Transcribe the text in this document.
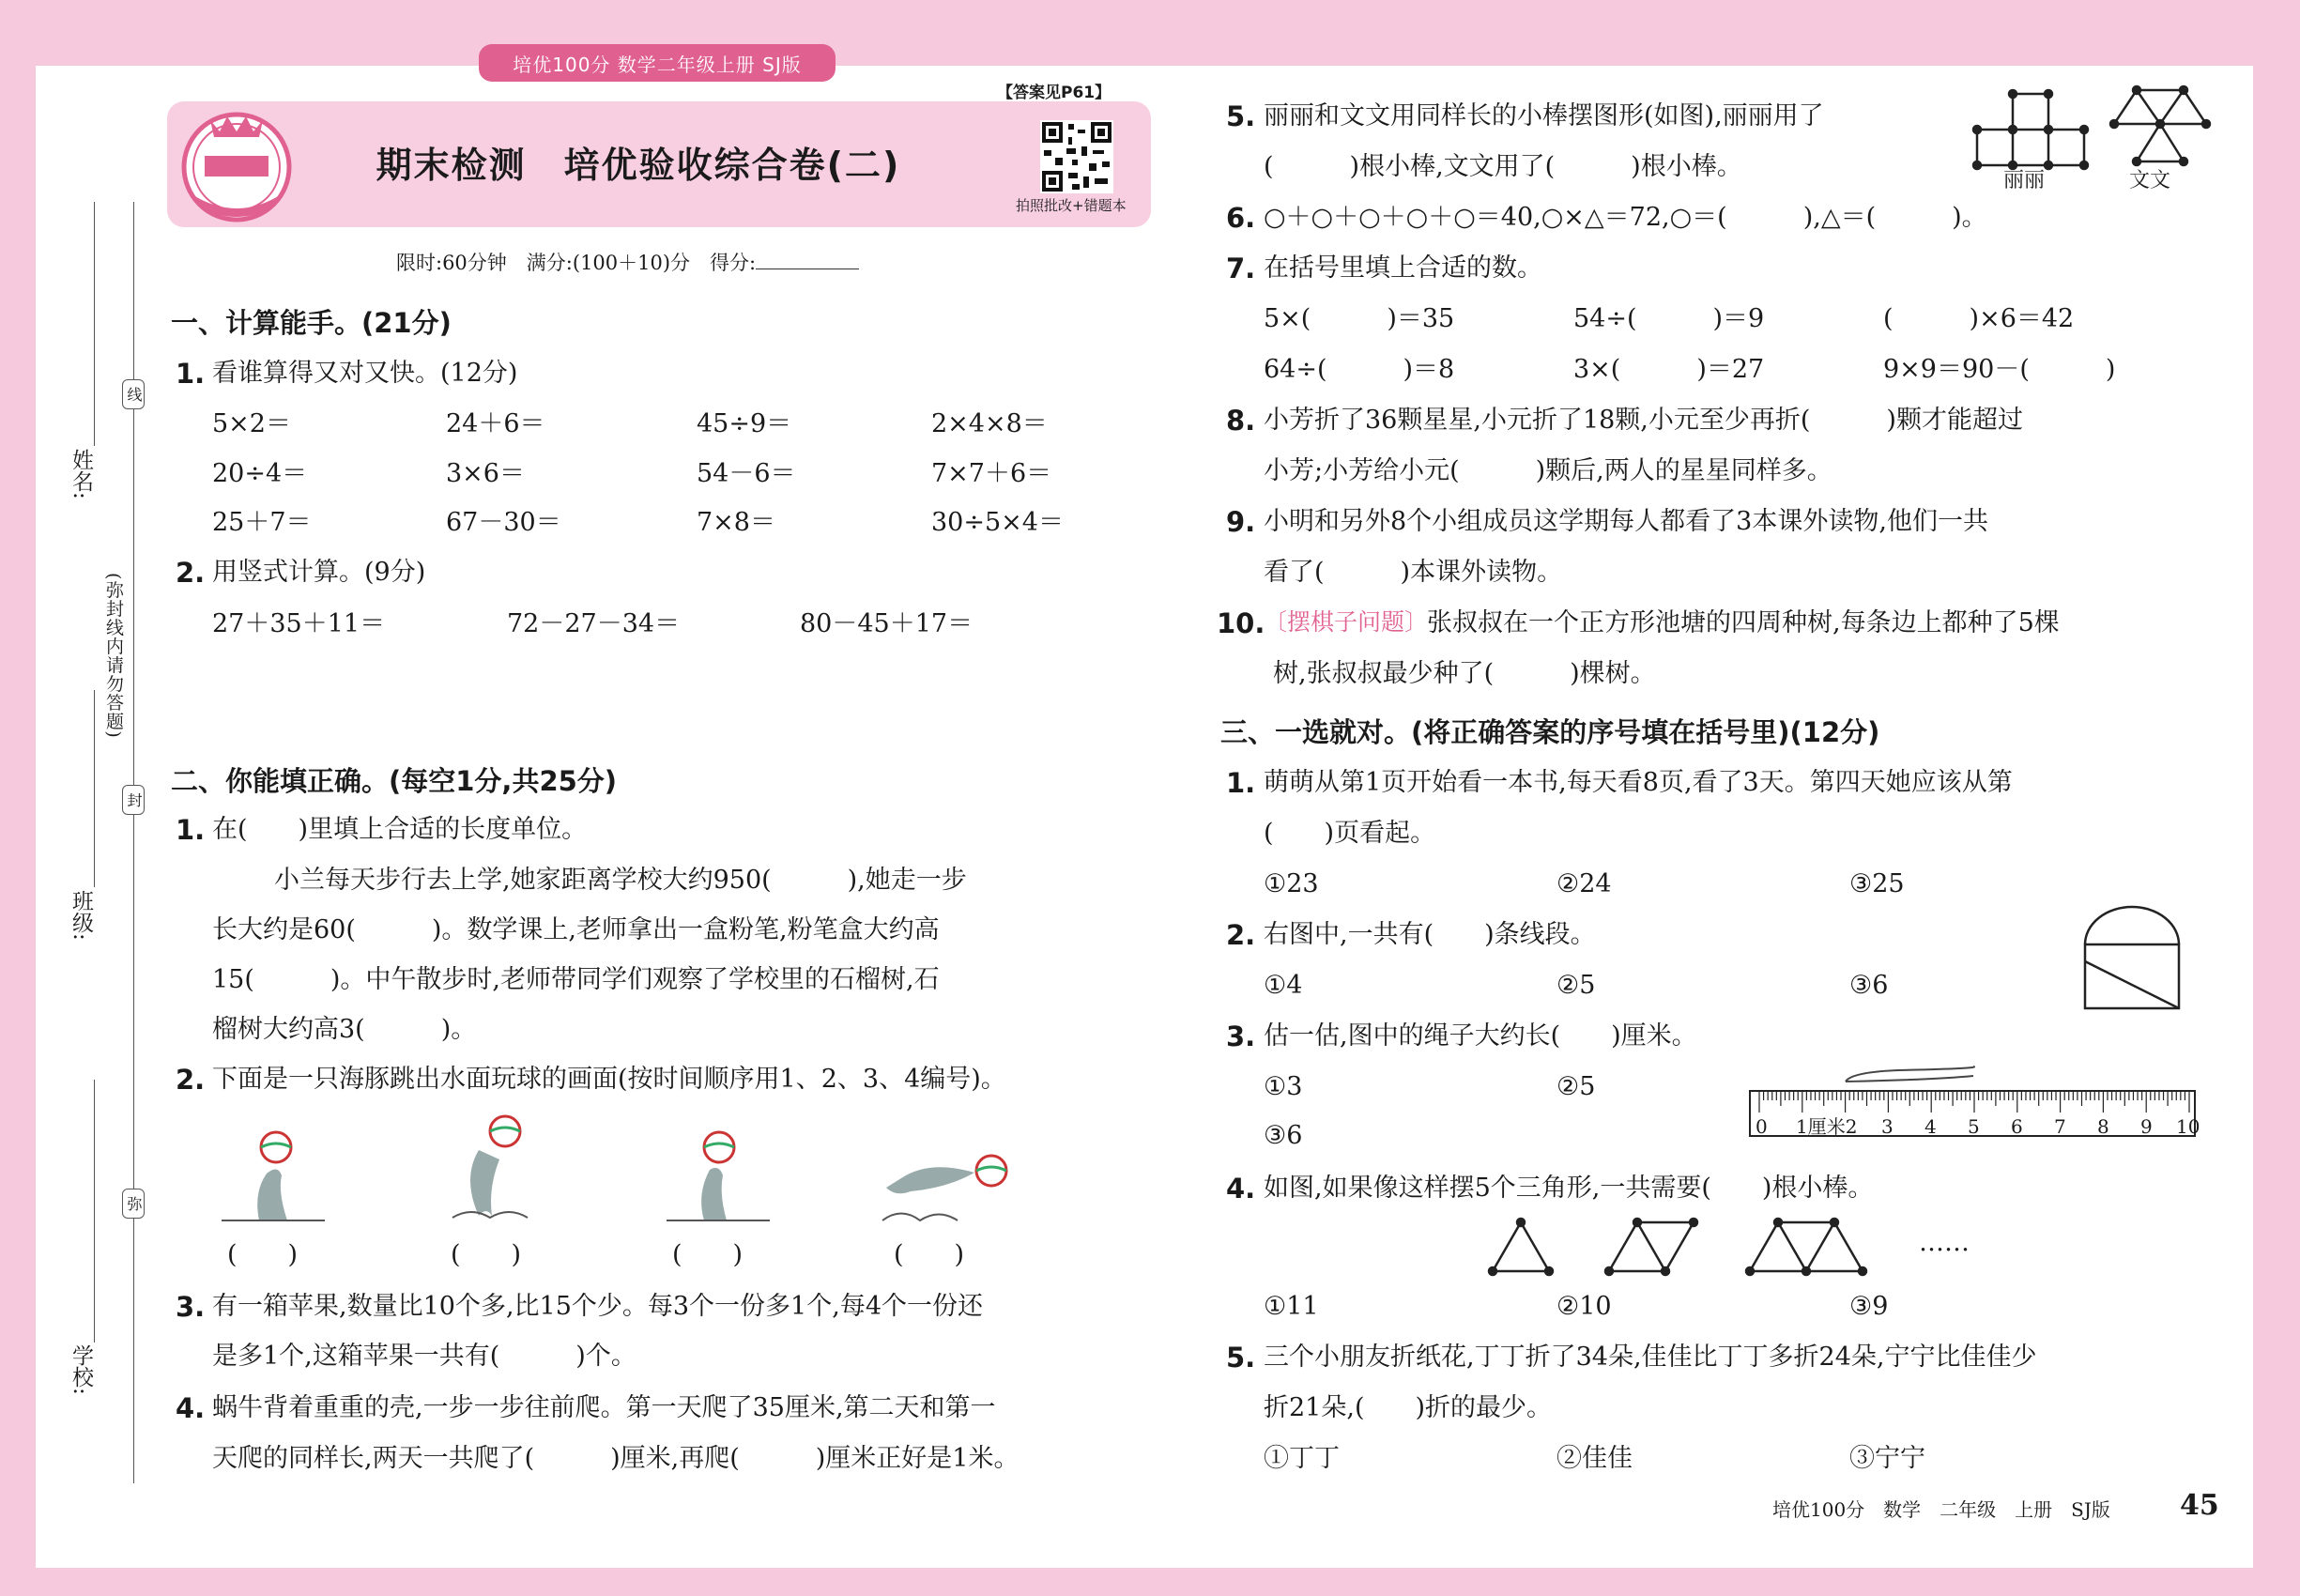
培优100分 数学二年级上册 SJ版
期末检测　培优验收综合卷(二)
【答案见P61】
拍照批改+错题本
限时:60分钟　满分:(100＋10)分　得分:
姓名:
班级:
学校:
(弥封线内请勿答题)
线
封
弥
一、计算能手。(21分)
1. 看谁算得又对又快。(12分)
5×2＝	24＋6＝	45÷9＝	2×4×8＝
20÷4＝	3×6＝	54－6＝	7×7＋6＝
25＋7＝	67－30＝	7×8＝	30÷5×4＝
2. 用竖式计算。(9分)
27＋35＋11＝	72－27－34＝	80－45＋17＝
二、你能填正确。(每空1分,共25分)
1. 在(　　)里填上合适的长度单位。
小兰每天步行去上学,她家距离学校大约950(　　　),她走一步
长大约是60(　　　)。数学课上,老师拿出一盒粉笔,粉笔盒大约高
15(　　　)。中午散步时,老师带同学们观察了学校里的石榴树,石
榴树大约高3(　　　)。
2. 下面是一只海豚跳出水面玩球的画面(按时间顺序用1、2、3、4编号)。
(　　)	(　　)	(　　)	(　　)
3. 有一箱苹果,数量比10个多,比15个少。每3个一份多1个,每4个一份还
是多1个,这箱苹果一共有(　　　)个。
4. 蜗牛背着重重的壳,一步一步往前爬。第一天爬了35厘米,第二天和第一
天爬的同样长,两天一共爬了(　　　)厘米,再爬(　　　)厘米正好是1米。
5. 丽丽和文文用同样长的小棒摆图形(如图),丽丽用了
(　　　)根小棒,文文用了(　　　)根小棒。	丽丽	文文
6. ○＋○＋○＋○＋○＝40,○×△＝72,○＝(　　　),△＝(　　　)。
7. 在括号里填上合适的数。
5×(　　　)＝35	54÷(　　　)＝9	(　　　)×6＝42
64÷(　　　)＝8	3×(　　　)＝27	9×9＝90－(　　　)
8. 小芳折了36颗星星,小元折了18颗,小元至少再折(　　　)颗才能超过
小芳;小芳给小元(　　　)颗后,两人的星星同样多。
9. 小明和另外8个小组成员这学期每人都看了3本课外读物,他们一共
看了(　　　)本课外读物。
10.
〔摆棋子问题〕
张叔叔在一个正方形池塘的四周种树,每条边上都种了5棵
树,张叔叔最少种了(　　　)棵树。
三、一选就对。(将正确答案的序号填在括号里)(12分)
1. 萌萌从第1页开始看一本书,每天看8页,看了3天。第四天她应该从第
(　　)页看起。
①23	②24	③25
2. 右图中,一共有(　　)条线段。
①4	②5	③6
3. 估一估,图中的绳子大约长(　　)厘米。
①3	②5
③6	0 1厘米2 3 4 5 6 7 8 9 10
4. 如图,如果像这样摆5个三角形,一共需要(　　)根小棒。
……
①11	②10	③9
5. 三个小朋友折纸花,丁丁折了34朵,佳佳比丁丁多折24朵,宁宁比佳佳少
折21朵,(　　)折的最少。
①丁丁	②佳佳	③宁宁
培优100分　数学　二年级　上册　SJ版 45
